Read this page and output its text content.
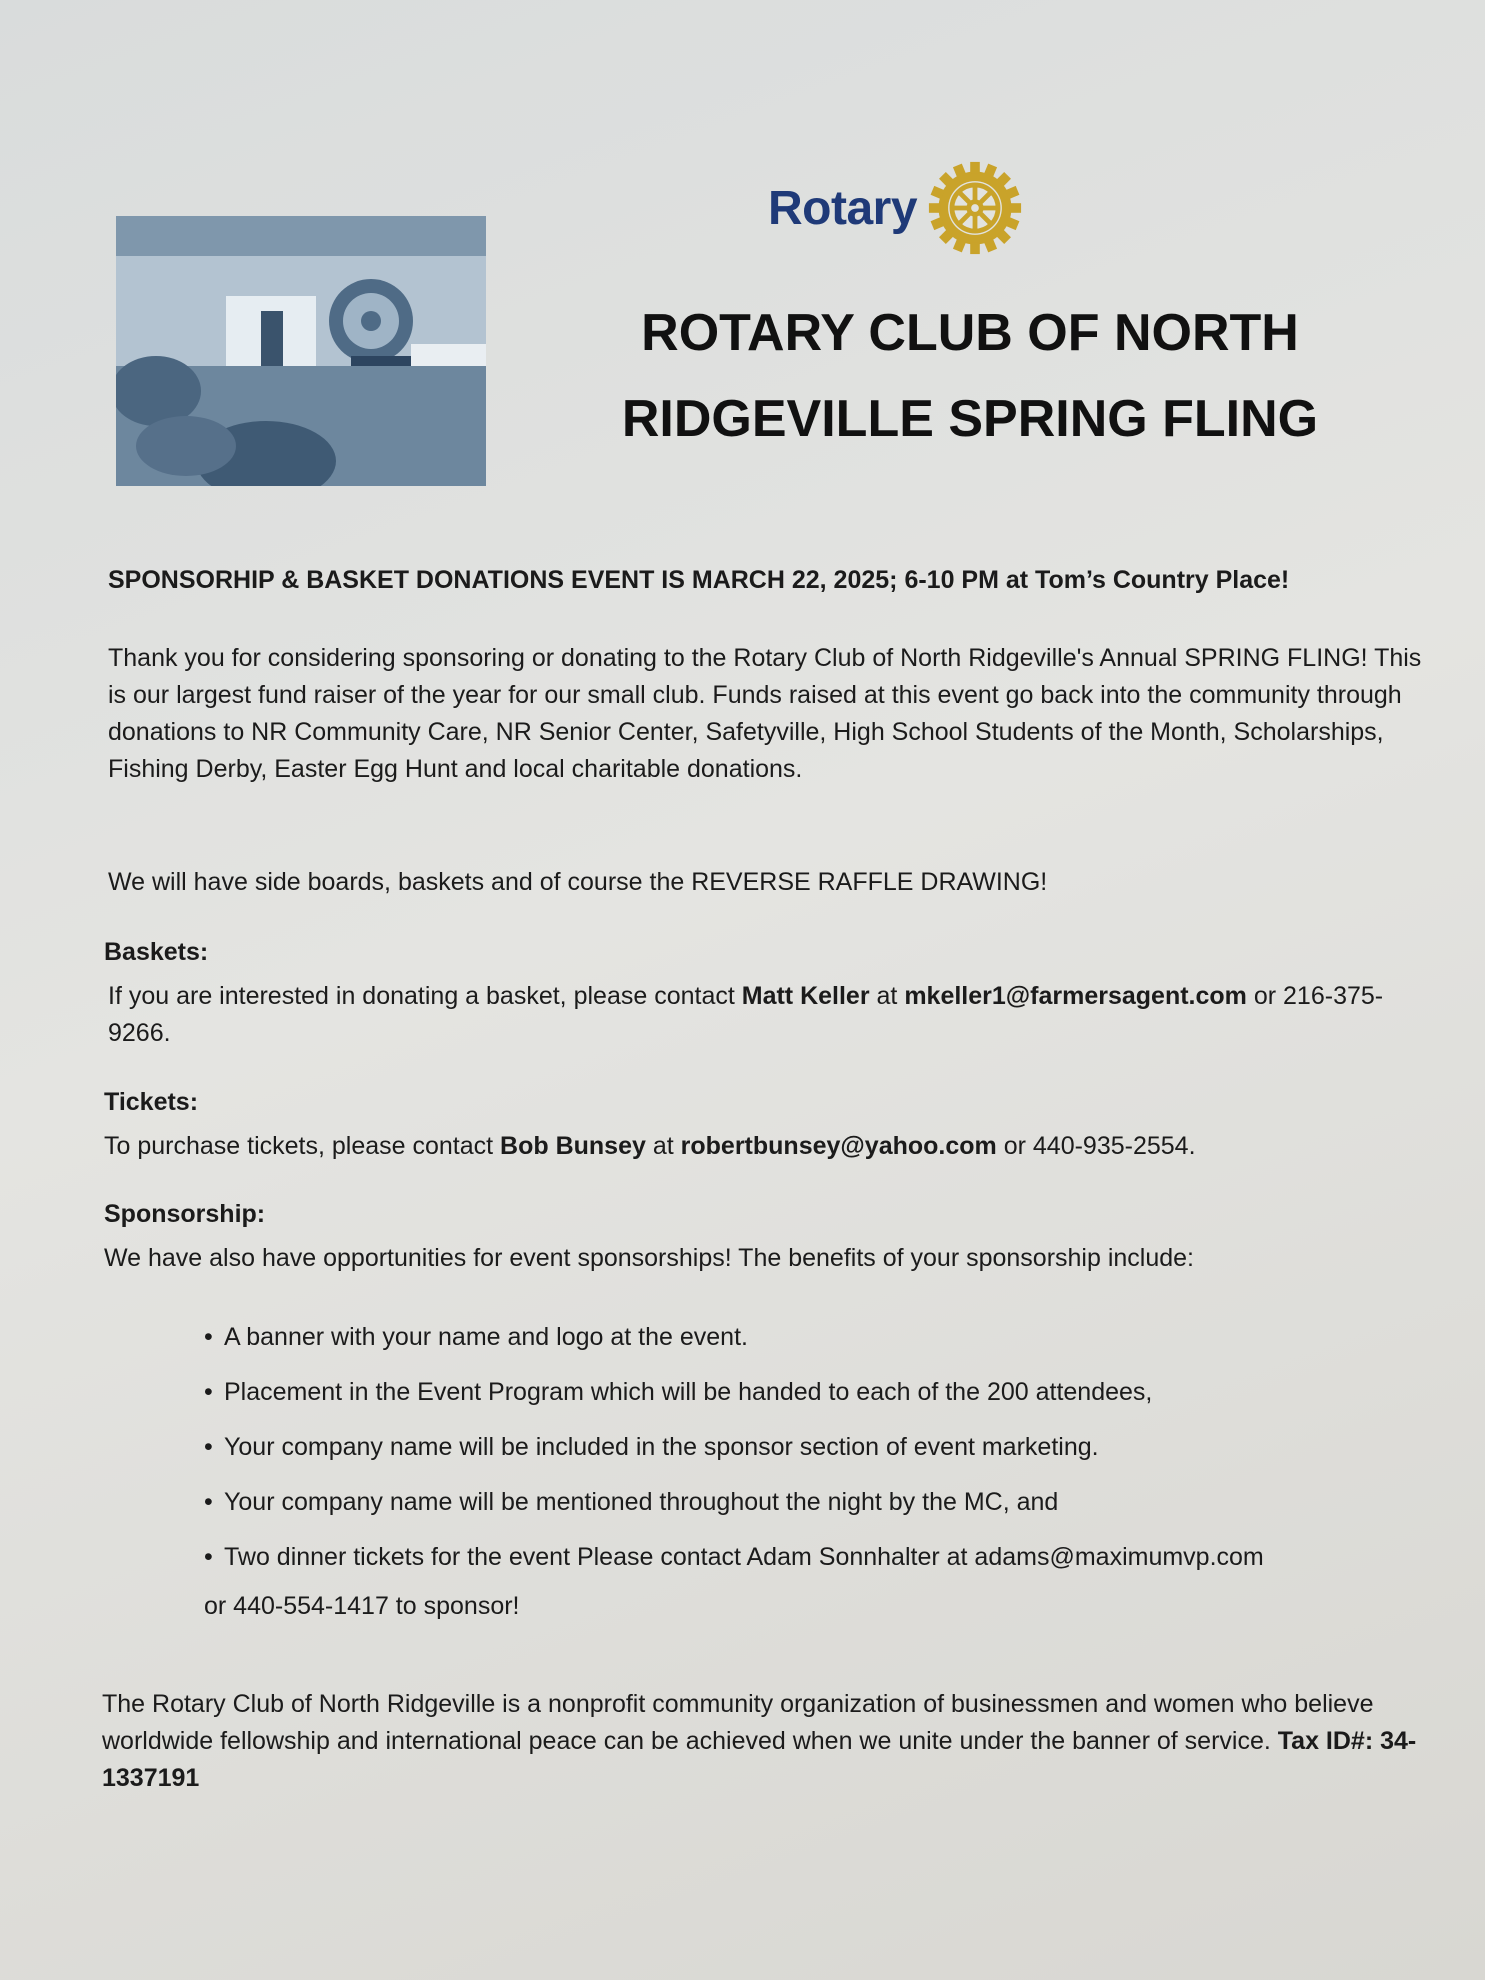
Rotary
ROTARY CLUB OF NORTH
RIDGEVILLE SPRING FLING
SPONSORHIP & BASKET DONATIONS EVENT IS MARCH 22, 2025; 6-10 PM at Tom’s Country Place!
Thank you for considering sponsoring or donating to the Rotary Club of North Ridgeville's Annual SPRING FLING! This is our largest fund raiser of the year for our small club. Funds raised at this event go back into the community through donations to NR Community Care, NR Senior Center, Safetyville, High School Students of the Month, Scholarships, Fishing Derby, Easter Egg Hunt and local charitable donations.
We will have side boards, baskets and of course the REVERSE RAFFLE DRAWING!
Baskets:
If you are interested in donating a basket, please contact Matt Keller at mkeller1@farmersagent.com or 216-375-9266.
Tickets:
To purchase tickets, please contact Bob Bunsey at robertbunsey@yahoo.com or 440-935-2554.
Sponsorship:
We have also have opportunities for event sponsorships! The benefits of your sponsorship include:
• A banner with your name and logo at the event.
• Placement in the Event Program which will be handed to each of the 200 attendees,
• Your company name will be included in the sponsor section of event marketing.
• Your company name will be mentioned throughout the night by the MC, and
• Two dinner tickets for the event Please contact Adam Sonnhalter at adams@maximumvp.com
or 440-554-1417 to sponsor!
The Rotary Club of North Ridgeville is a nonprofit community organization of businessmen and women who believe worldwide fellowship and international peace can be achieved when we unite under the banner of service. Tax ID#: 34-1337191
